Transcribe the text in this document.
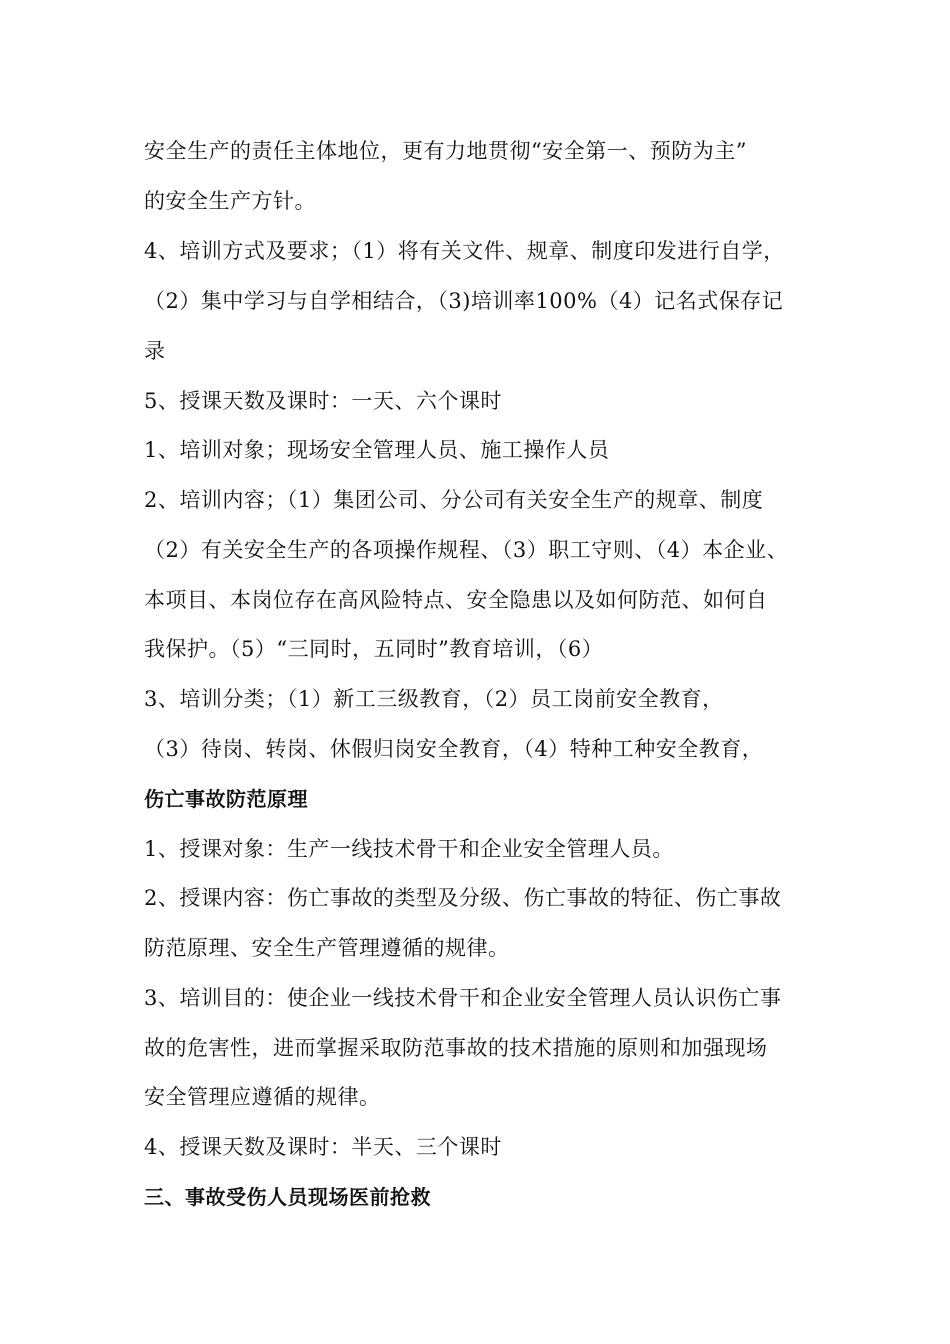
安全生产的责任主体地位，更有力地贯彻“安全第一、预防为主”
的安全生产方针。
4、培训方式及要求；（1）将有关文件、规章、制度印发进行自学，
（2）集中学习与自学相结合，（3)培训率100%（4）记名式保存记
录
5、授课天数及课时：一天、六个课时
1、培训对象；现场安全管理人员、施工操作人员
2、培训内容；（1）集团公司、分公司有关安全生产的规章、制度
（2）有关安全生产的各项操作规程、（3）职工守则、（4）本企业、
本项目、本岗位存在高风险特点、安全隐患以及如何防范、如何自
我保护。（5）“三同时，五同时”教育培训，（6）
3、培训分类；（1）新工三级教育，（2）员工岗前安全教育，
（3）待岗、转岗、休假归岗安全教育，（4）特种工种安全教育，
伤亡事故防范原理
1、授课对象：生产一线技术骨干和企业安全管理人员。
2、授课内容：伤亡事故的类型及分级、伤亡事故的特征、伤亡事故
防范原理、安全生产管理遵循的规律。
3、培训目的：使企业一线技术骨干和企业安全管理人员认识伤亡事
故的危害性，进而掌握采取防范事故的技术措施的原则和加强现场
安全管理应遵循的规律。
4、授课天数及课时：半天、三个课时
三、事故受伤人员现场医前抢救
